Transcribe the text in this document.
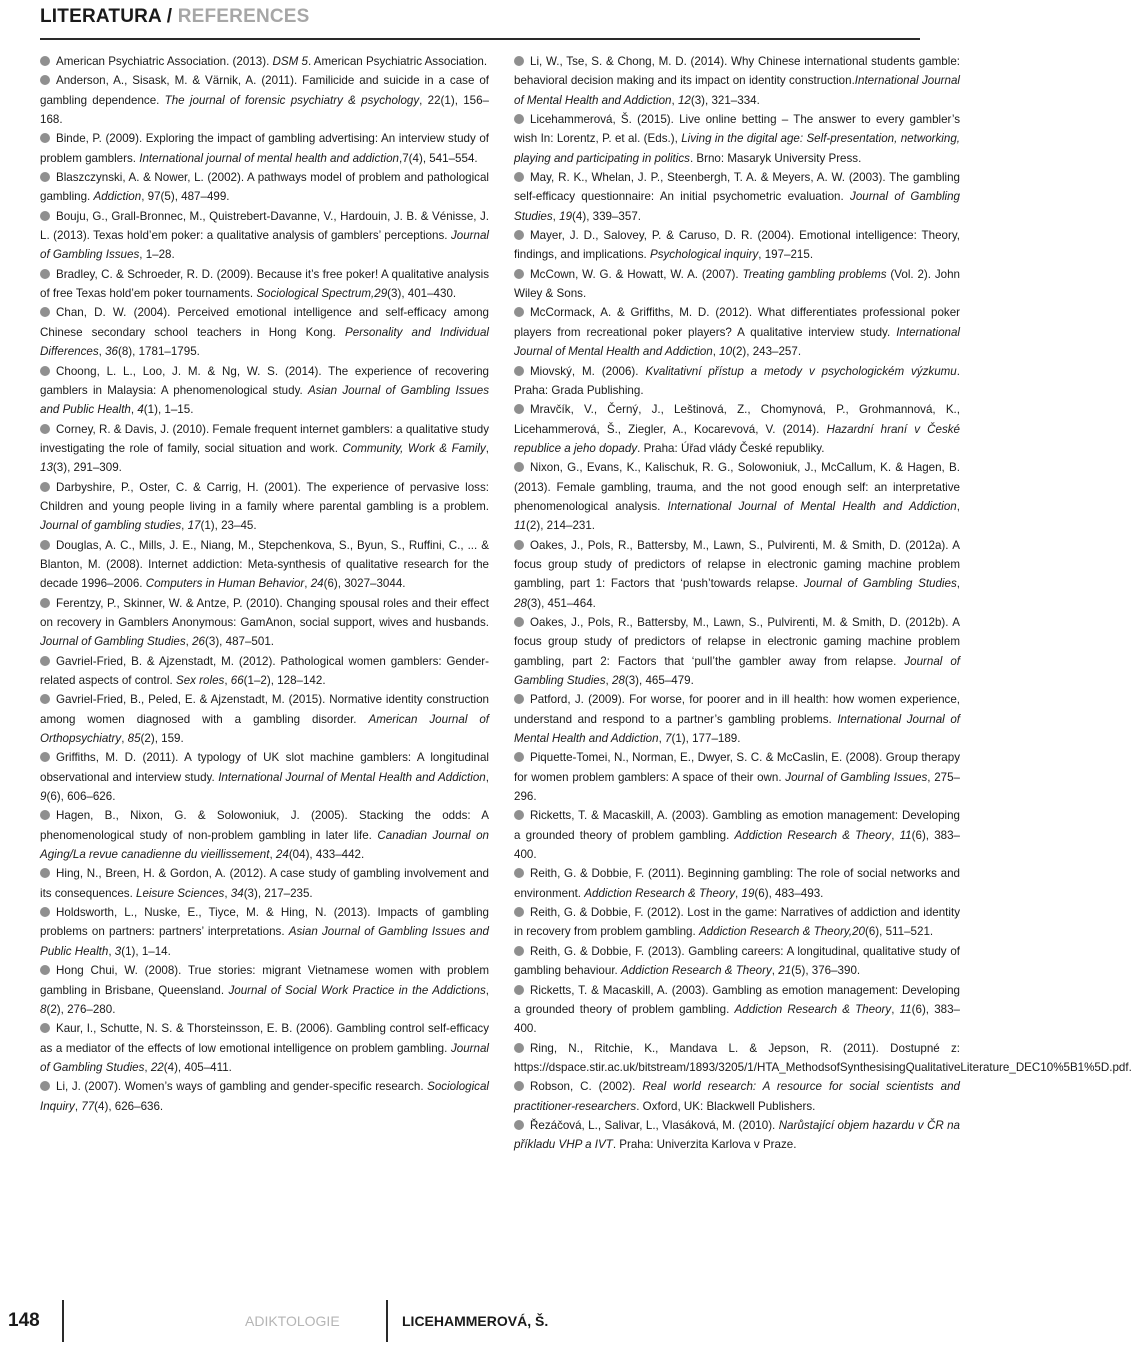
LITERATURA / REFERENCES
American Psychiatric Association. (2013). DSM 5. American Psychiatric Association.
Anderson, A., Sisask, M. & Värnik, A. (2011). Familicide and suicide in a case of gambling dependence. The journal of forensic psychiatry & psychology, 22(1), 156–168.
Binde, P. (2009). Exploring the impact of gambling advertising: An interview study of problem gamblers. International journal of mental health and addiction,7(4), 541–554.
Blaszczynski, A. & Nower, L. (2002). A pathways model of problem and pathological gambling. Addiction, 97(5), 487–499.
Bouju, G., Grall-Bronnec, M., Quistrebert-Davanne, V., Hardouin, J. B. & Vénisse, J. L. (2013). Texas hold’em poker: a qualitative analysis of gamblers’ perceptions. Journal of Gambling Issues, 1–28.
Bradley, C. & Schroeder, R. D. (2009). Because it’s free poker! A qualitative analysis of free Texas hold’em poker tournaments. Sociological Spectrum,29(3), 401–430.
Chan, D. W. (2004). Perceived emotional intelligence and self-efficacy among Chinese secondary school teachers in Hong Kong. Personality and Individual Differences, 36(8), 1781–1795.
Choong, L. L., Loo, J. M. & Ng, W. S. (2014). The experience of recovering gamblers in Malaysia: A phenomenological study. Asian Journal of Gambling Issues and Public Health, 4(1), 1–15.
Corney, R. & Davis, J. (2010). Female frequent internet gamblers: a qualitative study investigating the role of family, social situation and work. Community, Work & Family, 13(3), 291–309.
Darbyshire, P., Oster, C. & Carrig, H. (2001). The experience of pervasive loss: Children and young people living in a family where parental gambling is a problem. Journal of gambling studies, 17(1), 23–45.
Douglas, A. C., Mills, J. E., Niang, M., Stepchenkova, S., Byun, S., Ruffini, C., ... & Blanton, M. (2008). Internet addiction: Meta-synthesis of qualitative research for the decade 1996–2006. Computers in Human Behavior, 24(6), 3027–3044.
Ferentzy, P., Skinner, W. & Antze, P. (2010). Changing spousal roles and their effect on recovery in Gamblers Anonymous: GamAnon, social support, wives and husbands. Journal of Gambling Studies, 26(3), 487–501.
Gavriel-Fried, B. & Ajzenstadt, M. (2012). Pathological women gamblers: Gender-related aspects of control. Sex roles, 66(1–2), 128–142.
Gavriel-Fried, B., Peled, E. & Ajzenstadt, M. (2015). Normative identity construction among women diagnosed with a gambling disorder. American Journal of Orthopsychiatry, 85(2), 159.
Griffiths, M. D. (2011). A typology of UK slot machine gamblers: A longitudinal observational and interview study. International Journal of Mental Health and Addiction, 9(6), 606–626.
Hagen, B., Nixon, G. & Solowoniuk, J. (2005). Stacking the odds: A phenomenological study of non-problem gambling in later life. Canadian Journal on Aging/La revue canadienne du vieillissement, 24(04), 433–442.
Hing, N., Breen, H. & Gordon, A. (2012). A case study of gambling involvement and its consequences. Leisure Sciences, 34(3), 217–235.
Holdsworth, L., Nuske, E., Tiyce, M. & Hing, N. (2013). Impacts of gambling problems on partners: partners’ interpretations. Asian Journal of Gambling Issues and Public Health, 3(1), 1–14.
Hong Chui, W. (2008). True stories: migrant Vietnamese women with problem gambling in Brisbane, Queensland. Journal of Social Work Practice in the Addictions, 8(2), 276–280.
Kaur, I., Schutte, N. S. & Thorsteinsson, E. B. (2006). Gambling control self-efficacy as a mediator of the effects of low emotional intelligence on problem gambling. Journal of Gambling Studies, 22(4), 405–411.
Li, J. (2007). Women’s ways of gambling and gender-specific research. Sociological Inquiry, 77(4), 626–636.
Li, W., Tse, S. & Chong, M. D. (2014). Why Chinese international students gamble: behavioral decision making and its impact on identity construction.International Journal of Mental Health and Addiction, 12(3), 321–334.
Licehammerová, Š. (2015). Live online betting – The answer to every gambler’s wish In: Lorentz, P. et al. (Eds.), Living in the digital age: Self-presentation, networking, playing and participating in politics. Brno: Masaryk University Press.
May, R. K., Whelan, J. P., Steenbergh, T. A. & Meyers, A. W. (2003). The gambling self-efficacy questionnaire: An initial psychometric evaluation. Journal of Gambling Studies, 19(4), 339–357.
Mayer, J. D., Salovey, P. & Caruso, D. R. (2004). Emotional intelligence: Theory, findings, and implications. Psychological inquiry, 197–215.
McCown, W. G. & Howatt, W. A. (2007). Treating gambling problems (Vol. 2). John Wiley & Sons.
McCormack, A. & Griffiths, M. D. (2012). What differentiates professional poker players from recreational poker players? A qualitative interview study. International Journal of Mental Health and Addiction, 10(2), 243–257.
Miovský, M. (2006). Kvalitativní přístup a metody v psychologickém výzkumu. Praha: Grada Publishing.
Mravčík, V., Černý, J., Leštinová, Z., Chomynová, P., Grohmannová, K., Licehammerová, Š., Ziegler, A., Kocarevová, V. (2014). Hazardní hraní v České republice a jeho dopady. Praha: Úřad vlády České republiky.
Nixon, G., Evans, K., Kalischuk, R. G., Solowoniuk, J., McCallum, K. & Hagen, B. (2013). Female gambling, trauma, and the not good enough self: an interpretative phenomenological analysis. International Journal of Mental Health and Addiction, 11(2), 214–231.
Oakes, J., Pols, R., Battersby, M., Lawn, S., Pulvirenti, M. & Smith, D. (2012a). A focus group study of predictors of relapse in electronic gaming machine problem gambling, part 1: Factors that ‘push’towards relapse. Journal of Gambling Studies, 28(3), 451–464.
Oakes, J., Pols, R., Battersby, M., Lawn, S., Pulvirenti, M. & Smith, D. (2012b). A focus group study of predictors of relapse in electronic gaming machine problem gambling, part 2: Factors that ‘pull’the gambler away from relapse. Journal of Gambling Studies, 28(3), 465–479.
Patford, J. (2009). For worse, for poorer and in ill health: how women experience, understand and respond to a partner’s gambling problems. International Journal of Mental Health and Addiction, 7(1), 177–189.
Piquette-Tomei, N., Norman, E., Dwyer, S. C. & McCaslin, E. (2008). Group therapy for women problem gamblers: A space of their own. Journal of Gambling Issues, 275–296.
Ricketts, T. & Macaskill, A. (2003). Gambling as emotion management: Developing a grounded theory of problem gambling. Addiction Research & Theory, 11(6), 383–400.
Reith, G. & Dobbie, F. (2011). Beginning gambling: The role of social networks and environment. Addiction Research & Theory, 19(6), 483–493.
Reith, G. & Dobbie, F. (2012). Lost in the game: Narratives of addiction and identity in recovery from problem gambling. Addiction Research & Theory,20(6), 511–521.
Reith, G. & Dobbie, F. (2013). Gambling careers: A longitudinal, qualitative study of gambling behaviour. Addiction Research & Theory, 21(5), 376–390.
Ricketts, T. & Macaskill, A. (2003). Gambling as emotion management: Developing a grounded theory of problem gambling. Addiction Research & Theory, 11(6), 383–400.
Ring, N., Ritchie, K., Mandava L. & Jepson, R. (2011). Dostupné z: https://dspace.stir.ac.uk/bitstream/1893/3205/1/HTA_MethodsofSynthesisingQualitativeLiterature_DEC10%5B1%5D.pdf.
Robson, C. (2002). Real world research: A resource for social scientists and practitioner-researchers. Oxford, UK: Blackwell Publishers.
Řezáčová, L., Salivar, L., Vlasáková, M. (2010). Narůstající objem hazardu v ČR na příkladu VHP a IVT. Praha: Univerzita Karlova v Praze.
148	ADIKTOLOGIE	LICEHAMMEROVÁ, Š.
